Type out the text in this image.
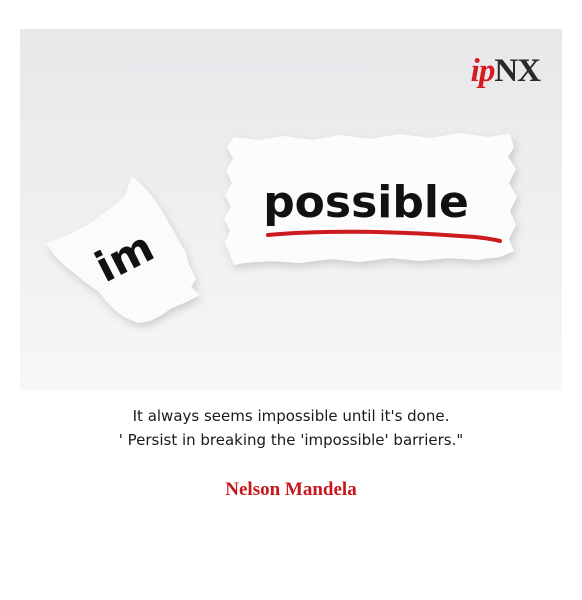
im
possible
ipNX
It always seems impossible until it's done.
' Persist in breaking the 'impossible' barriers."
Nelson Mandela
